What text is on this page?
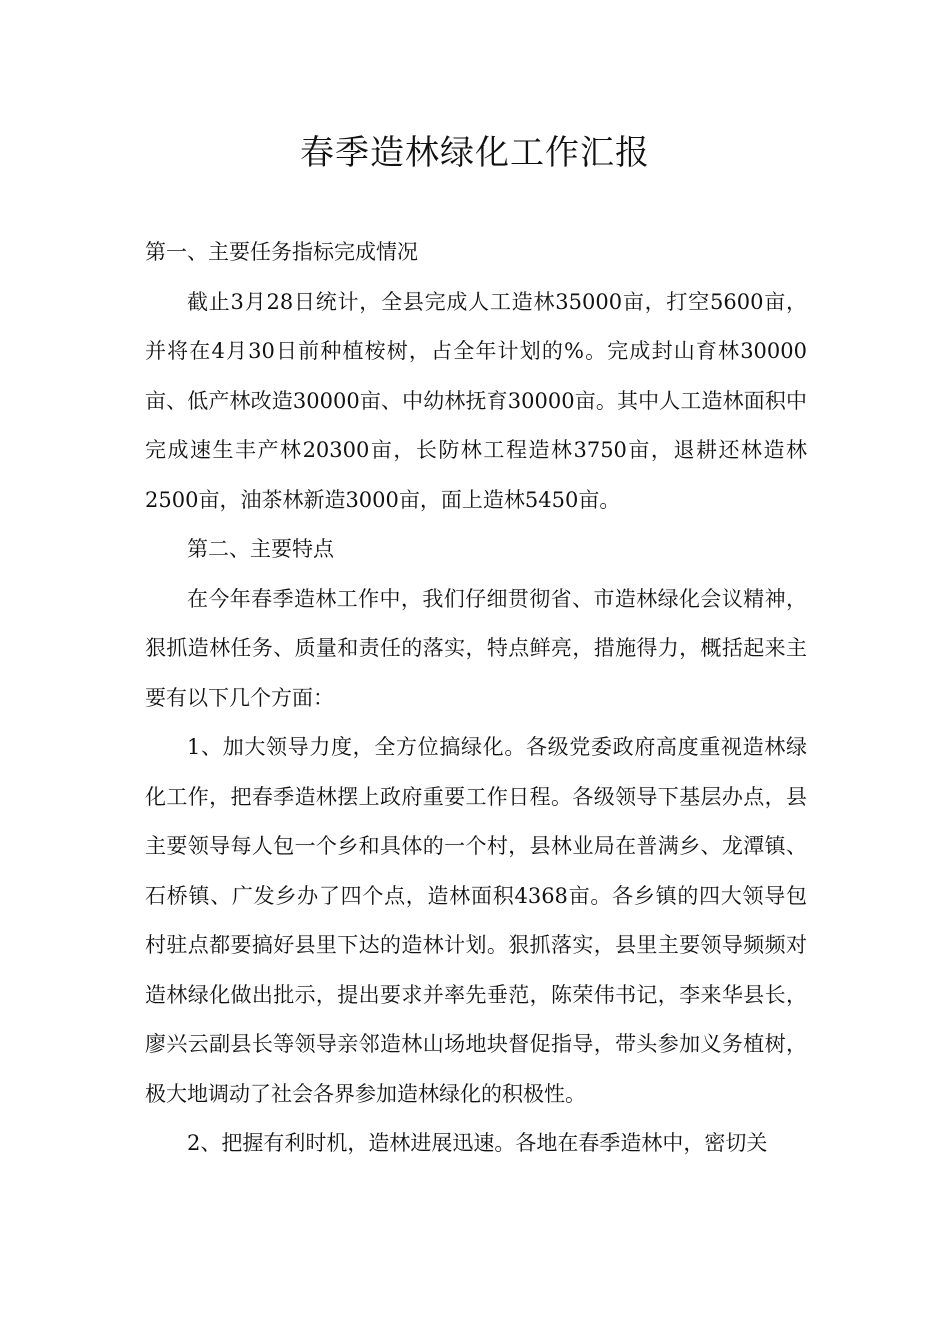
春季造林绿化工作汇报

第一、主要任务指标完成情况

截止3月28日统计，全县完成人工造林35000亩，打空5600亩，并将在4月30日前种植桉树，占全年计划的%。完成封山育林30000亩、低产林改造30000亩、中幼林抚育30000亩。其中人工造林面积中完成速生丰产林20300亩，长防林工程造林3750亩，退耕还林造林2500亩，油茶林新造3000亩，面上造林5450亩。

第二、主要特点

在今年春季造林工作中，我们仔细贯彻省、市造林绿化会议精神，狠抓造林任务、质量和责任的落实，特点鲜亮，措施得力，概括起来主要有以下几个方面：

1、加大领导力度，全方位搞绿化。各级党委政府高度重视造林绿化工作，把春季造林摆上政府重要工作日程。各级领导下基层办点，县主要领导每人包一个乡和具体的一个村，县林业局在普满乡、龙潭镇、石桥镇、广发乡办了四个点，造林面积4368亩。各乡镇的四大领导包村驻点都要搞好县里下达的造林计划。狠抓落实，县里主要领导频频对造林绿化做出批示，提出要求并率先垂范，陈荣伟书记，李来华县长，廖兴云副县长等领导亲邻造林山场地块督促指导，带头参加义务植树，极大地调动了社会各界参加造林绿化的积极性。

2、把握有利时机，造林进展迅速。各地在春季造林中，密切关
